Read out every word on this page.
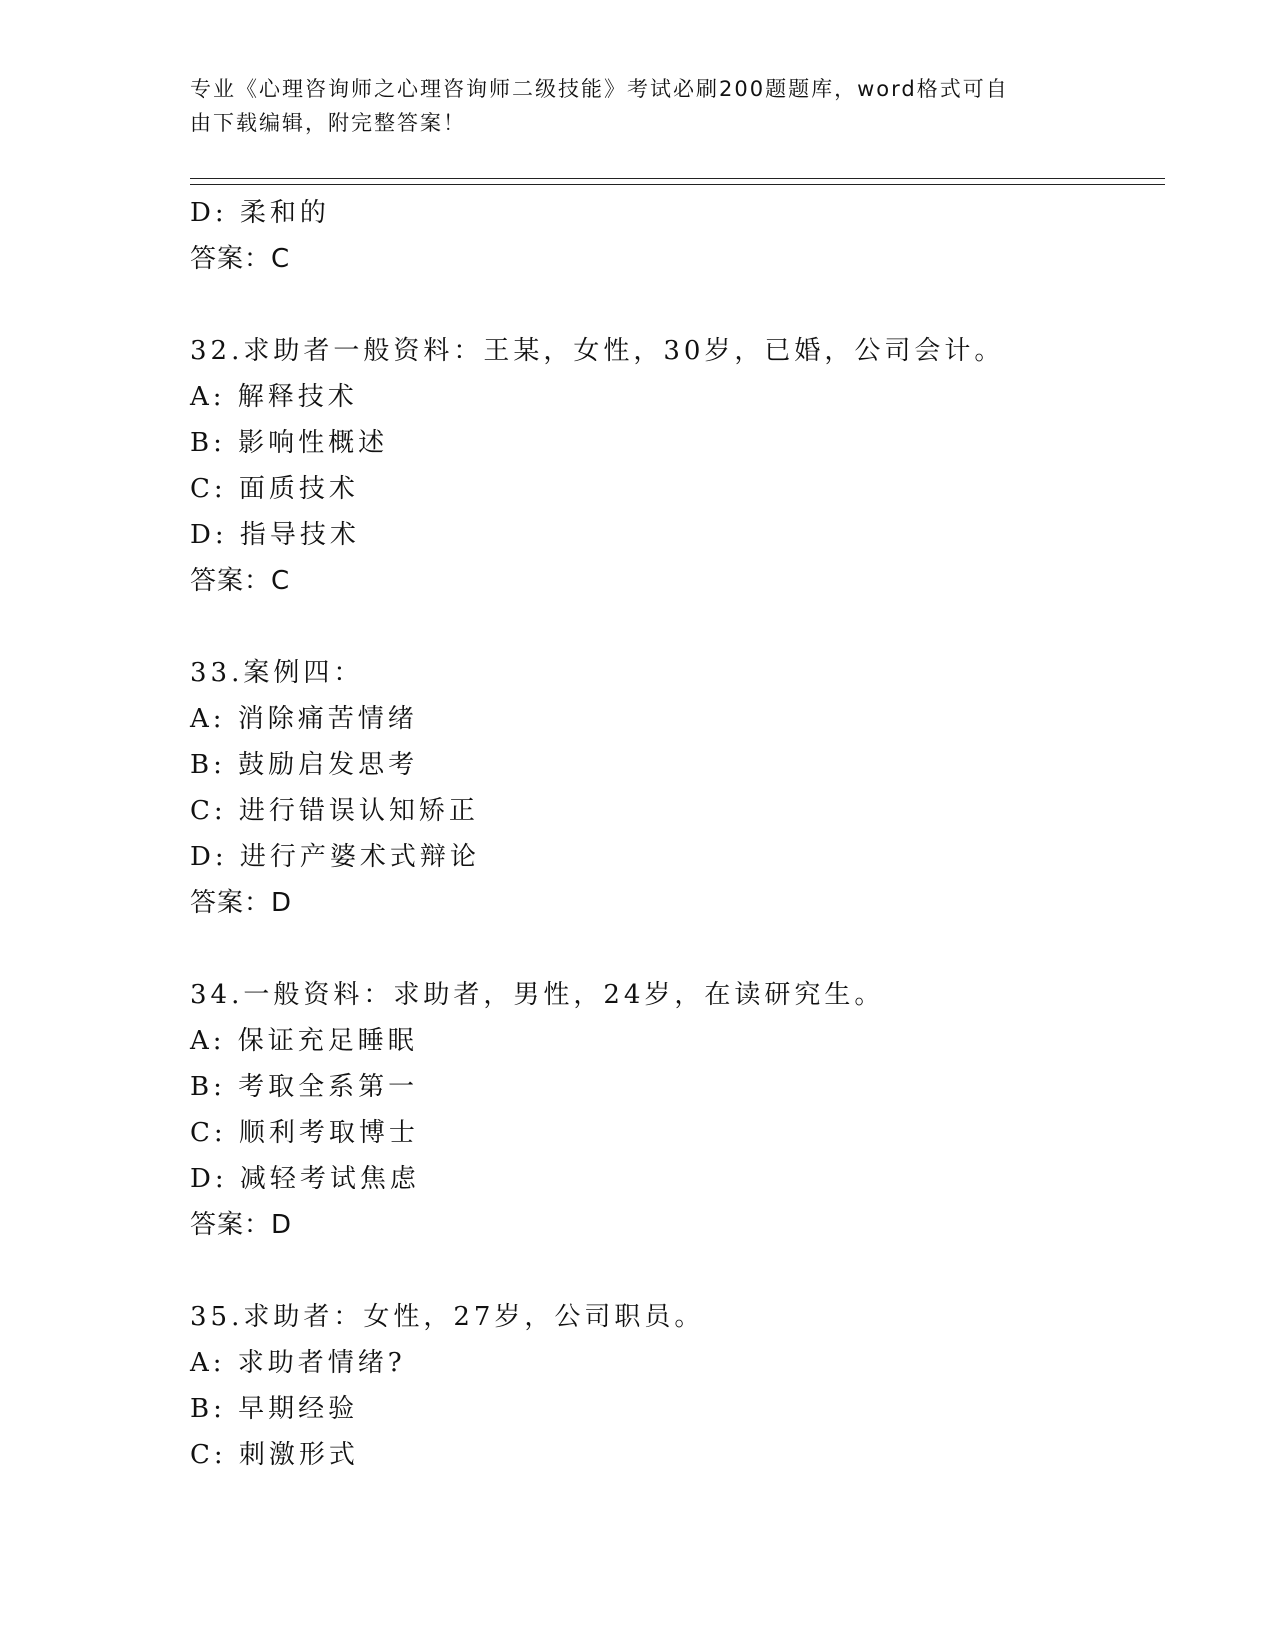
专业《心理咨询师之心理咨询师二级技能》考试必刷200题题库，word格式可自
由下载编辑，附完整答案！
D: 柔和的
答案：C
32.求助者一般资料：王某，女性，30岁，已婚，公司会计。
A: 解释技术
B: 影响性概述
C: 面质技术
D: 指导技术
答案：C
33.案例四：
A: 消除痛苦情绪
B: 鼓励启发思考
C: 进行错误认知矫正
D: 进行产婆术式辩论
答案：D
34.一般资料：求助者，男性，24岁，在读研究生。
A: 保证充足睡眠
B: 考取全系第一
C: 顺利考取博士
D: 减轻考试焦虑
答案：D
35.求助者：女性，27岁，公司职员。
A: 求助者情绪?
B: 早期经验
C: 刺激形式
